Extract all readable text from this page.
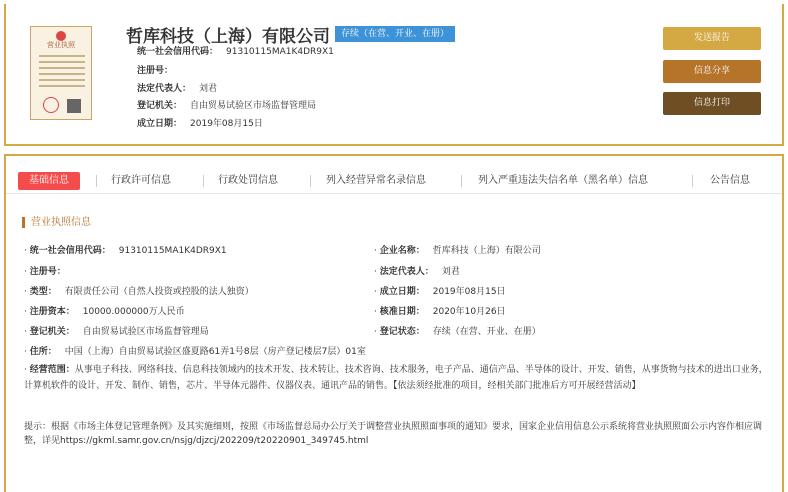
营业执照	哲库科技（上海）有限公司	存续（在营、开业、在册）
统一社会信用代码： 91310115MA1K4DR9X1
注册号：
法定代表人： 刘君
登记机关： 自由贸易试验区市场监督管理局
成立日期： 2019年08月15日
发送报告
信息分享
信息打印
基础信息	行政许可信息	行政处罚信息	列入经营异常名录信息	列入严重违法失信名单（黑名单）信息	公告信息
营业执照信息
· 统一社会信用代码： 91310115MA1K4DR9X1	· 企业名称： 哲库科技（上海）有限公司
· 注册号：	· 法定代表人： 刘君
· 类型： 有限责任公司（自然人投资或控股的法人独资）	· 成立日期： 2019年08月15日
· 注册资本： 10000.000000万人民币	· 核准日期： 2020年10月26日
· 登记机关： 自由贸易试验区市场监督管理局	· 登记状态： 存续（在营、开业、在册）
· 住所： 中国（上海）自由贸易试验区盛夏路61弄1号8层（房产登记楼层7层）01室
· 经营范围：从事电子科技、网络科技、信息科技领域内的技术开发、技术转让、技术咨询、技术服务，电子产品、通信产品、半导体的设计、开发、销售，从事货物与技术的进出口业务，计算机软件的设计、开发、制作、销售，芯片、半导体元器件、仪器仪表、通讯产品的销售。【依法须经批准的项目，经相关部门批准后方可开展经营活动】
提示：根据《市场主体登记管理条例》及其实施细则，按照《市场监督总局办公厅关于调整营业执照照面事项的通知》要求，国家企业信用信息公示系统将营业执照照面公示内容作相应调整，详见https://gkml.samr.gov.cn/nsjg/djzcj/202209/t20220901_349745.html
